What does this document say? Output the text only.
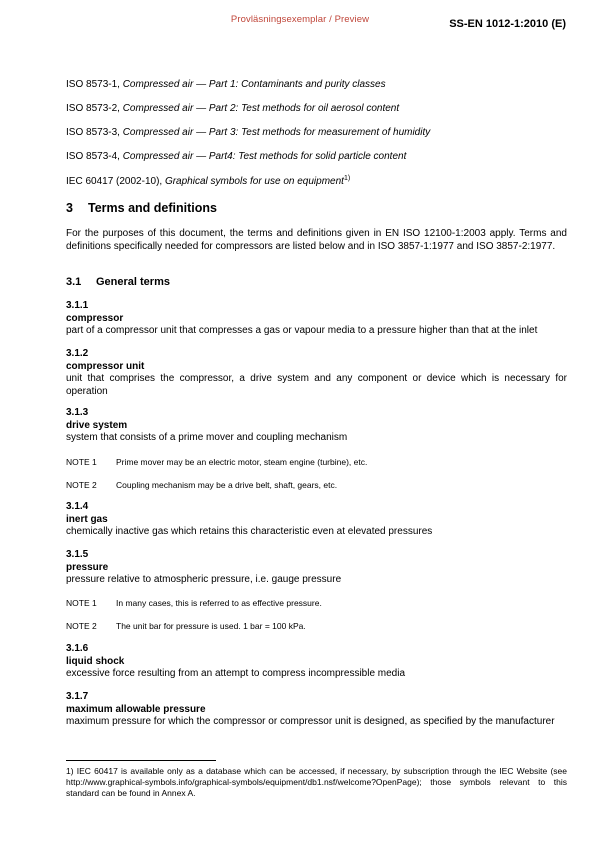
Provläsningsexemplar / Preview	SS-EN 1012-1:2010 (E)
ISO 8573-1, Compressed air — Part 1: Contaminants and purity classes
ISO 8573-2, Compressed air — Part 2: Test methods for oil aerosol content
ISO 8573-3, Compressed air — Part 3: Test methods for measurement of humidity
ISO 8573-4, Compressed air — Part4: Test methods for solid particle content
IEC 60417 (2002-10), Graphical symbols for use on equipment$^{1)}$
3 Terms and definitions
For the purposes of this document, the terms and definitions given in EN ISO 12100-1:2003 apply. Terms and definitions specifically needed for compressors are listed below and in ISO 3857-1:1977 and ISO 3857-2:1977.
3.1 General terms
3.1.1
compressor
part of a compressor unit that compresses a gas or vapour media to a pressure higher than that at the inlet
3.1.2
compressor unit
unit that comprises the compressor, a drive system and any component or device which is necessary for operation
3.1.3
drive system
system that consists of a prime mover and coupling mechanism
NOTE 1 Prime mover may be an electric motor, steam engine (turbine), etc.
NOTE 2 Coupling mechanism may be a drive belt, shaft, gears, etc.
3.1.4
inert gas
chemically inactive gas which retains this characteristic even at elevated pressures
3.1.5
pressure
pressure relative to atmospheric pressure, i.e. gauge pressure
NOTE 1 In many cases, this is referred to as effective pressure.
NOTE 2 The unit bar for pressure is used. 1 bar = 100 kPa.
3.1.6
liquid shock
excessive force resulting from an attempt to compress incompressible media
3.1.7
maximum allowable pressure
maximum pressure for which the compressor or compressor unit is designed, as specified by the manufacturer
1) IEC 60417 is available only as a database which can be accessed, if necessary, by subscription through the IEC Website (see http://www.graphical-symbols.info/graphical-symbols/equipment/db1.nsf/welcome?OpenPage); those symbols relevant to this standard can be found in Annex A.
